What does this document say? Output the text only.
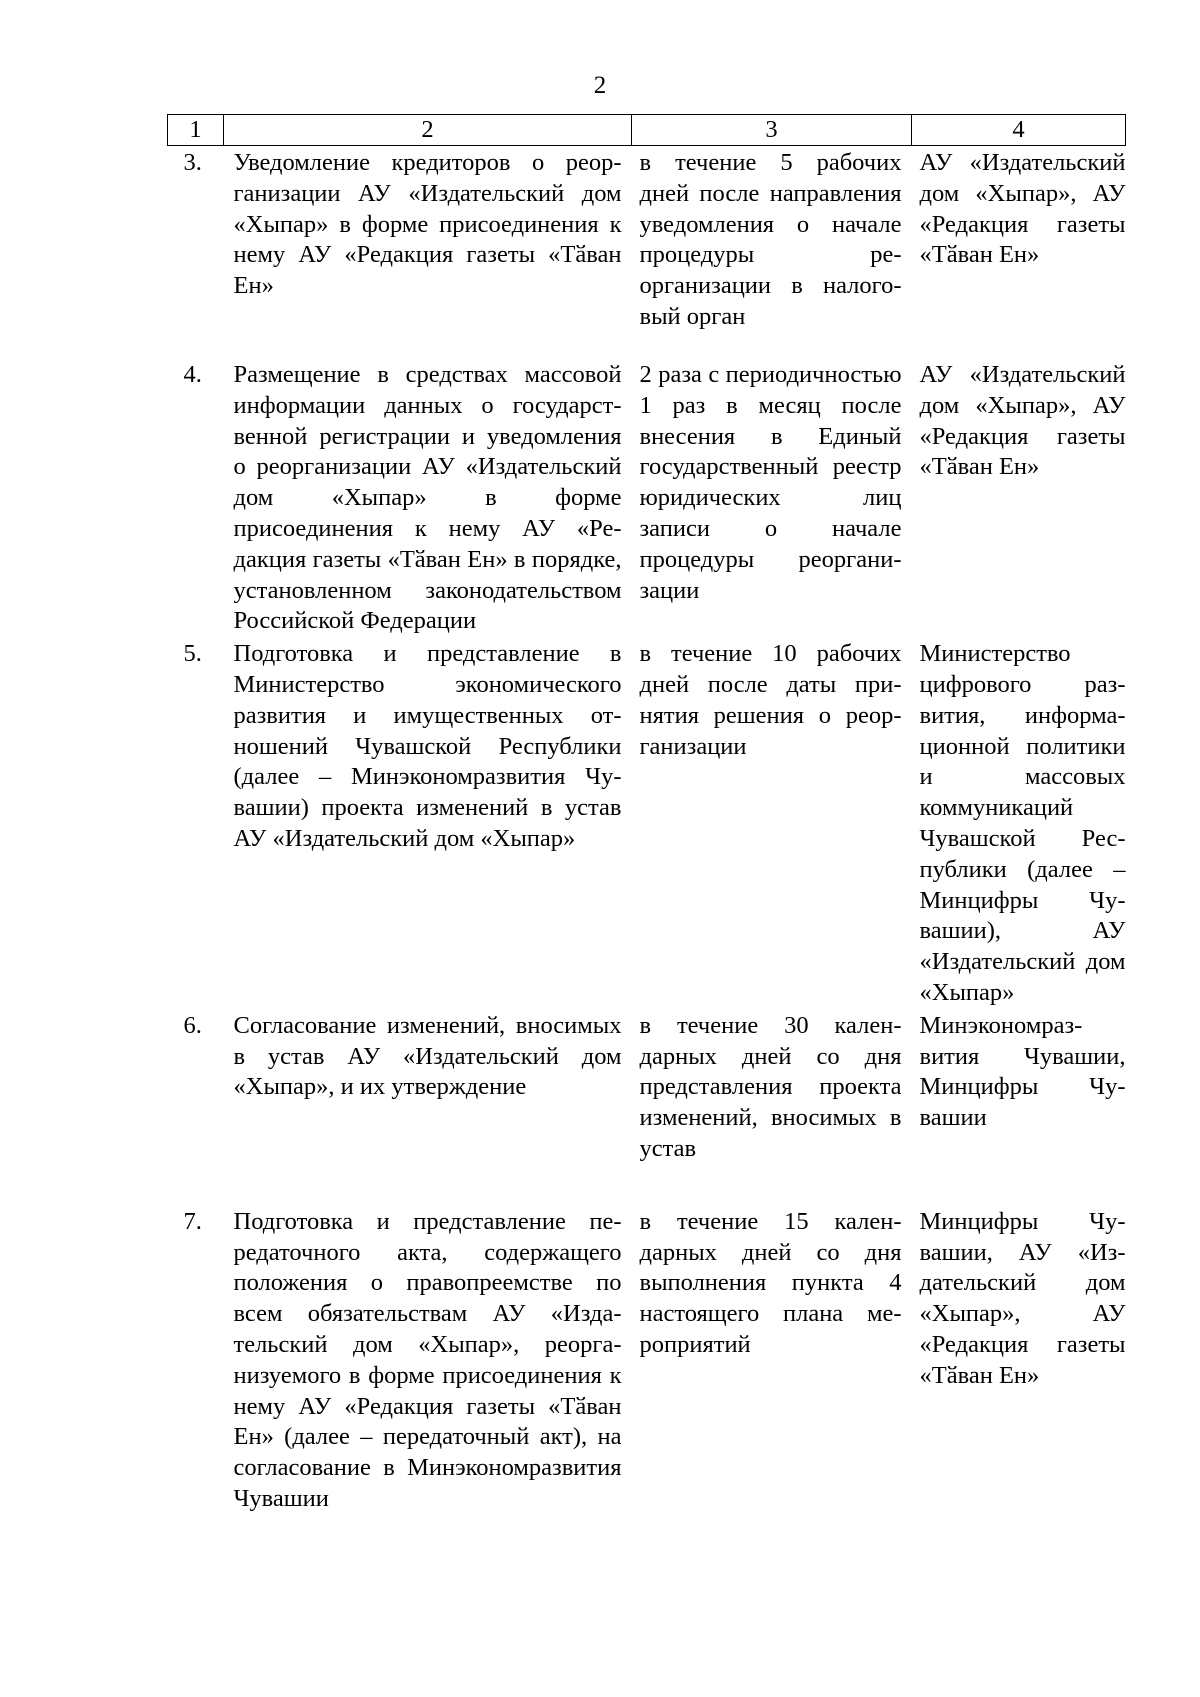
2
1	2	3	4
3.	Уведомление кредиторов о реорганизации АУ «Издательский дом «Хыпар» в форме присоединения к нему АУ «Редакция газеты «Тӑван Ен»	в течение 5 рабочих дней после направления уведомления о начале процедуры реорганизации в налоговый орган	АУ «Издательский дом «Хыпар», АУ «Редакция газеты «Тӑван Ен»
4.	Размещение в средствах массовой информации данных о государственной регистрации и уведомления о реорганизации АУ «Издательский дом «Хыпар» в форме присоединения к нему АУ «Редакция газеты «Тӑван Ен» в порядке, установленном законодательством Российской Федерации	2 раза с периодичностью 1 раз в месяц после внесения в Единый государственный реестр юридических лиц записи о начале процедуры реорганизации	АУ «Издательский дом «Хыпар», АУ «Редакция газеты «Тӑван Ен»
5.	Подготовка и представление в Министерство экономического развития и имущественных отношений Чувашской Республики (далее – Минэкономразвития Чувашии) проекта изменений в устав АУ «Издательский дом «Хыпар»	в течение 10 рабочих дней после даты принятия решения о реорганизации	Министерство цифрового развития, информационной политики и массовых коммуникаций Чувашской Республики (далее – Минцифры Чувашии), АУ «Издательский дом «Хыпар»
6.	Согласование изменений, вносимых в устав АУ «Издательский дом «Хыпар», и их утверждение	в течение 30 календарных дней со дня представления проекта изменений, вносимых в устав	Минэкономразвития Чувашии, Минцифры Чувашии
7.	Подготовка и представление передаточного акта, содержащего положения о правопреемстве по всем обязательствам АУ «Издательский дом «Хыпар», реорганизуемого в форме присоединения к нему АУ «Редакция газеты «Тӑван Ен» (далее – передаточный акт), на согласование в Минэкономразвития Чувашии	в течение 15 календарных дней со дня выполнения пункта 4 настоящего плана мероприятий	Минцифры Чувашии, АУ «Издательский дом «Хыпар», АУ «Редакция газеты «Тӑван Ен»
